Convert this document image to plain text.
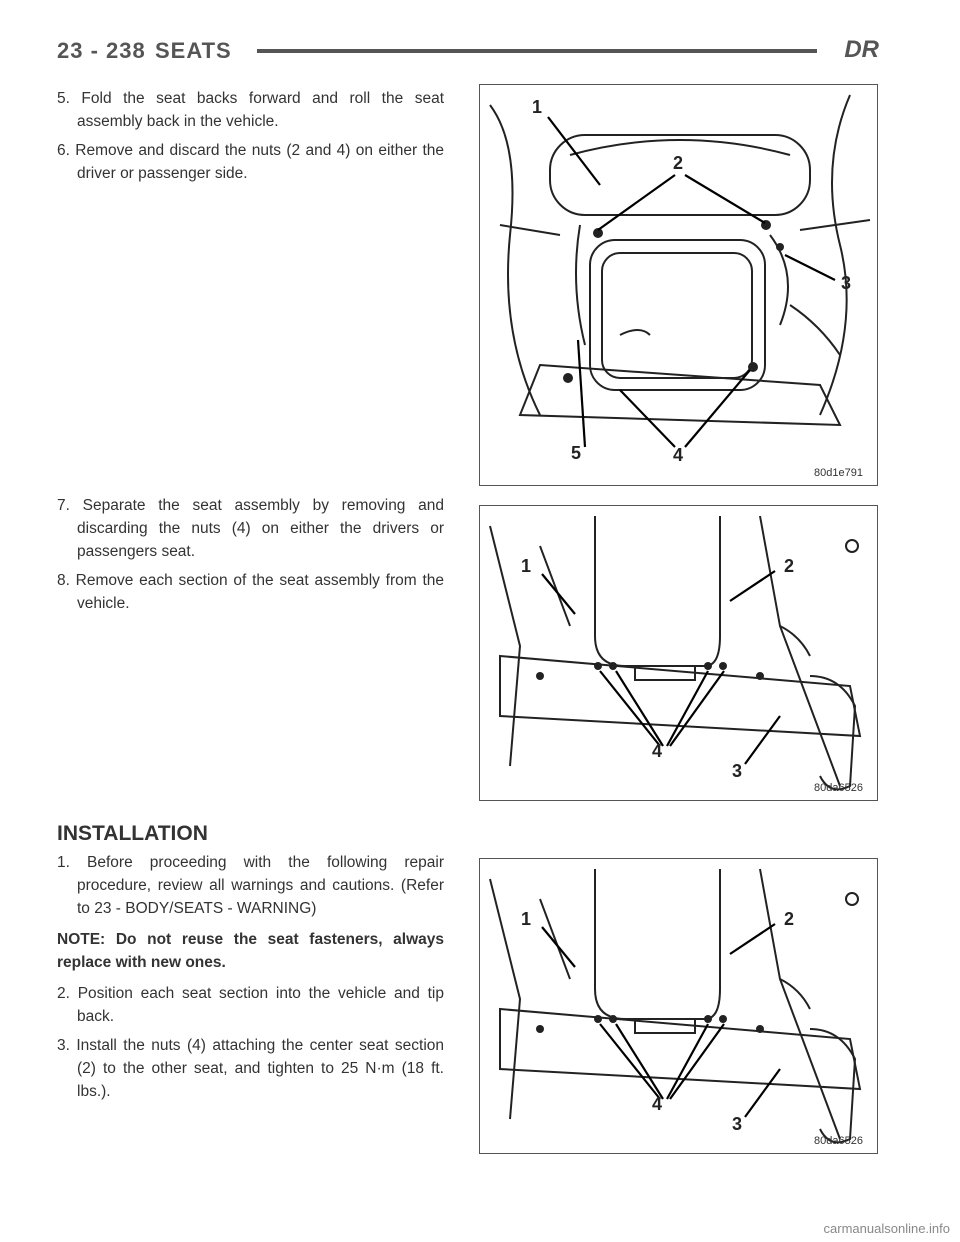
23 - 238 SEATS	DR

5. Fold the seat backs forward and roll the seat assembly back in the vehicle.

6. Remove and discard the nuts (2 and 4) on either the driver or passenger side.

7. Separate the seat assembly by removing and discarding the nuts (4) on either the drivers or passengers seat.

8. Remove each section of the seat assembly from the vehicle.

INSTALLATION

1. Before proceeding with the following repair procedure, review all warnings and cautions. (Refer to 23 - BODY/SEATS - WARNING)

NOTE: Do not reuse the seat fasteners, always replace with new ones.

2. Position each seat section into the vehicle and tip back.

3. Install the nuts (4) attaching the center seat section (2) to the other seat, and tighten to 25 N·m (18 ft. lbs.).

1
2
3
4
5
80d1e791
1	2
3
4
80da6526
1	2
3
4
80da6526
carmanualsonline.info
